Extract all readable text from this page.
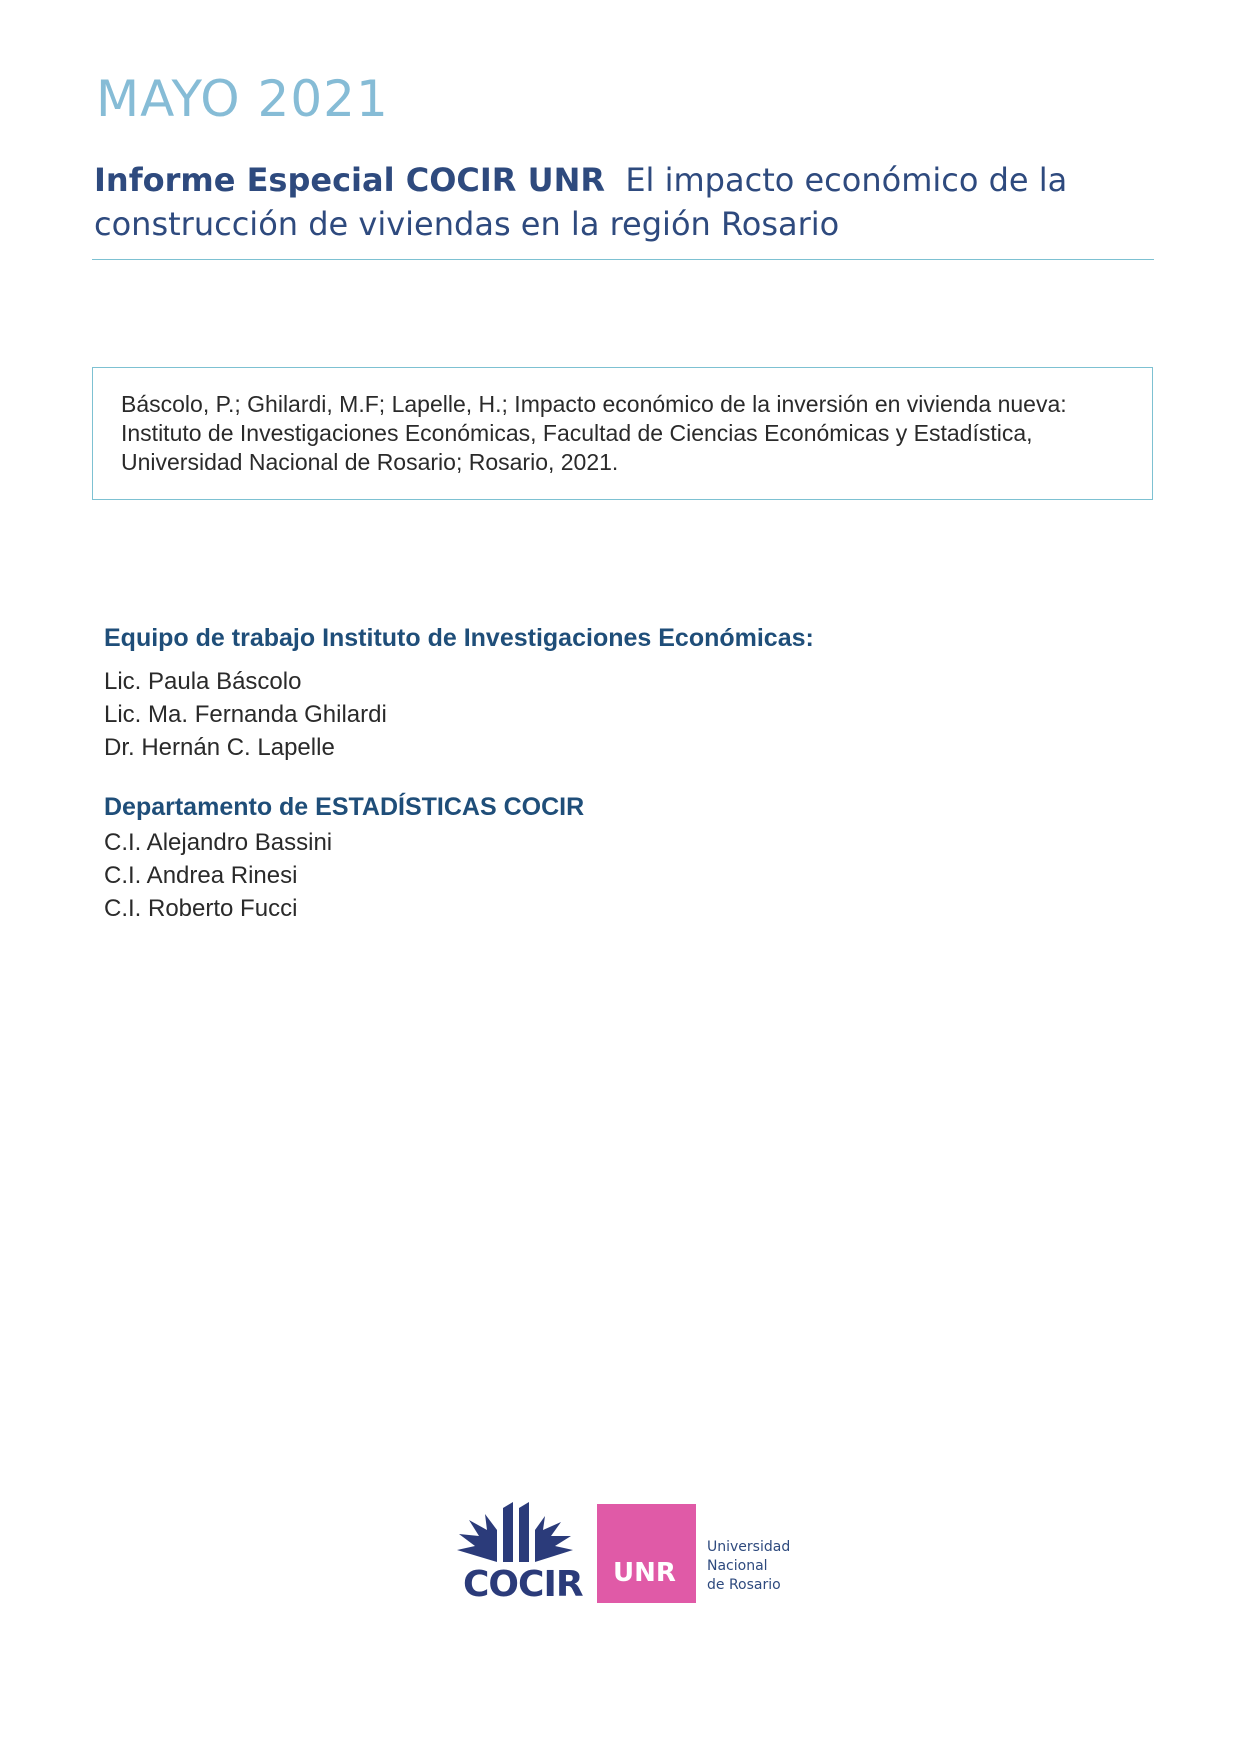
MAYO 2021
Informe Especial COCIR UNR El impacto económico de la construcción de viviendas en la región Rosario

Báscolo, P.; Ghilardi, M.F; Lapelle, H.; Impacto económico de la inversión en vivienda nueva:

Instituto de Investigaciones Económicas, Facultad de Ciencias Económicas y Estadística,

Universidad Nacional de Rosario; Rosario, 2021.

Equipo de trabajo Instituto de Investigaciones Económicas:
Lic. Paula Báscolo
Lic. Ma. Fernanda Ghilardi
Dr. Hernán C. Lapelle
Departamento de ESTADÍSTICAS COCIR
C.I. Alejandro Bassini
C.I. Andrea Rinesi
C.I. Roberto Fucci
COCIR UNR
Universidad
Nacional
de Rosario
